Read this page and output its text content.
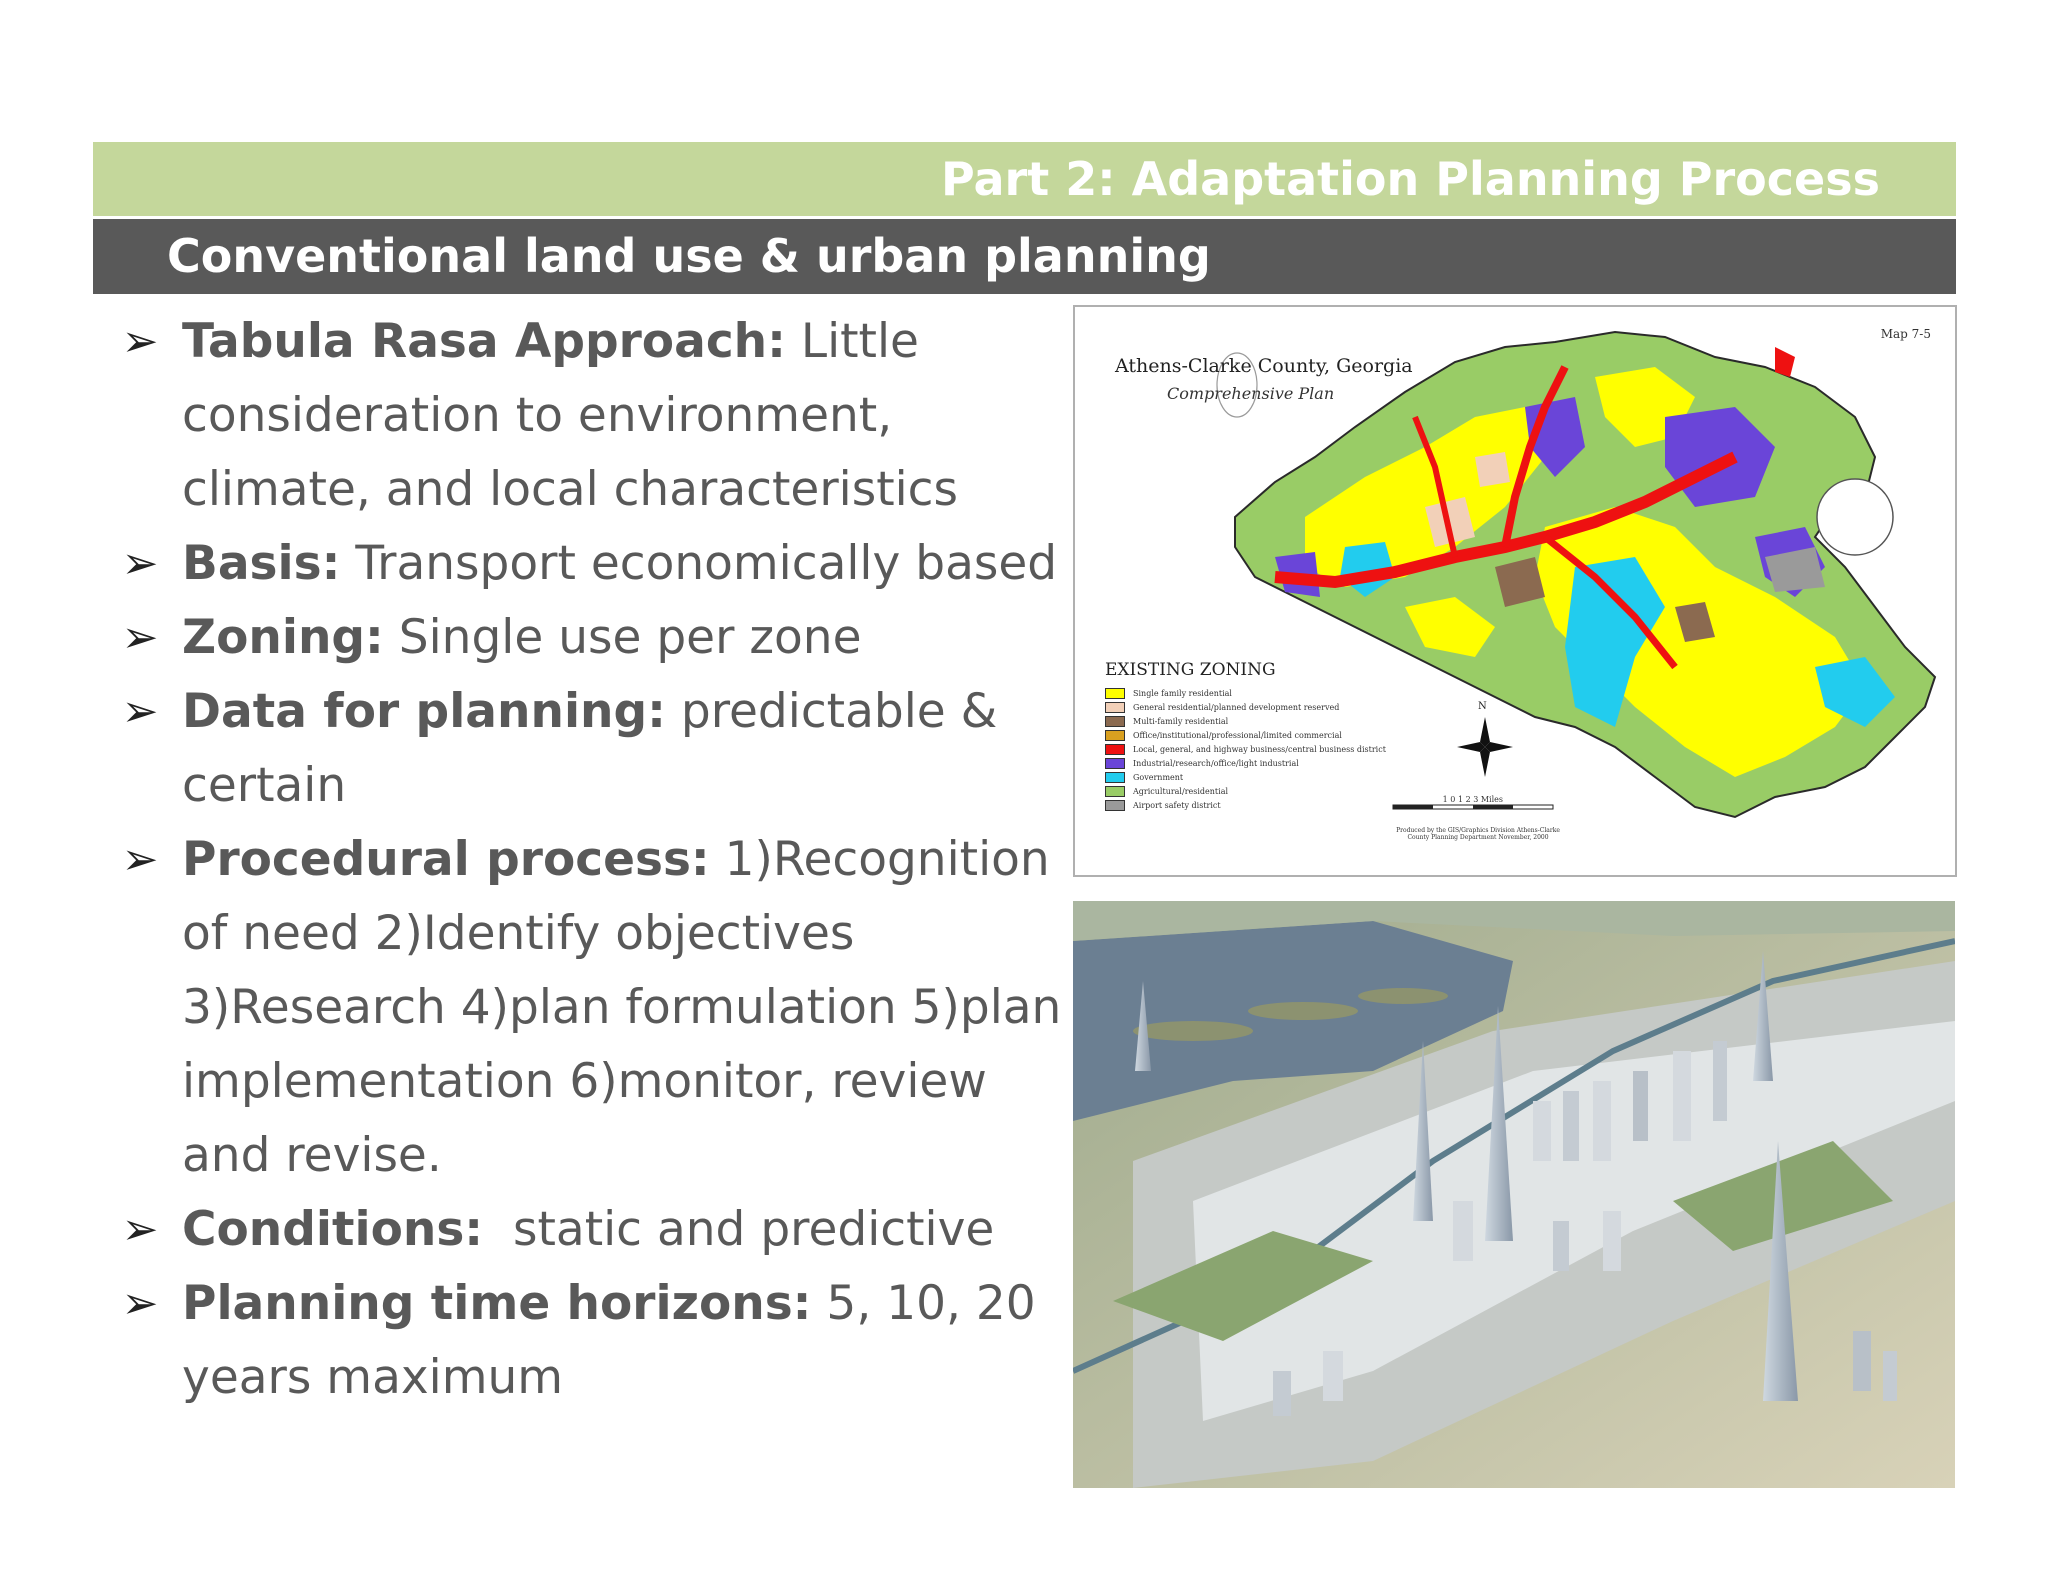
Part 2: Adaptation Planning Process
Conventional land use & urban planning
➢ Tabula Rasa Approach: Little consideration to environment, climate, and local characteristics
➢ Basis: Transport economically based
➢ Zoning: Single use per zone
➢ Data for planning: predictable & certain
➢ Procedural process: 1)Recognition of need 2)Identify objectives 3)Research 4)plan formulation 5)plan implementation 6)monitor, review and revise.
➢ Conditions:  static and predictive
➢ Planning time horizons: 5, 10, 20 years maximum
Map 7-5
Athens-Clarke County, Georgia
Comprehensive Plan
N
EXISTING ZONING
Single family residential
General residential/planned development reserved
Multi-family residential
Office/institutional/professional/limited commercial
Local, general, and highway business/central business district
Industrial/research/office/light industrial
Government
Agricultural/residential
Airport safety district
1 0 1 2 3 Miles
Produced by the GIS/Graphics Division Athens-Clarke County Planning Department November, 2000
